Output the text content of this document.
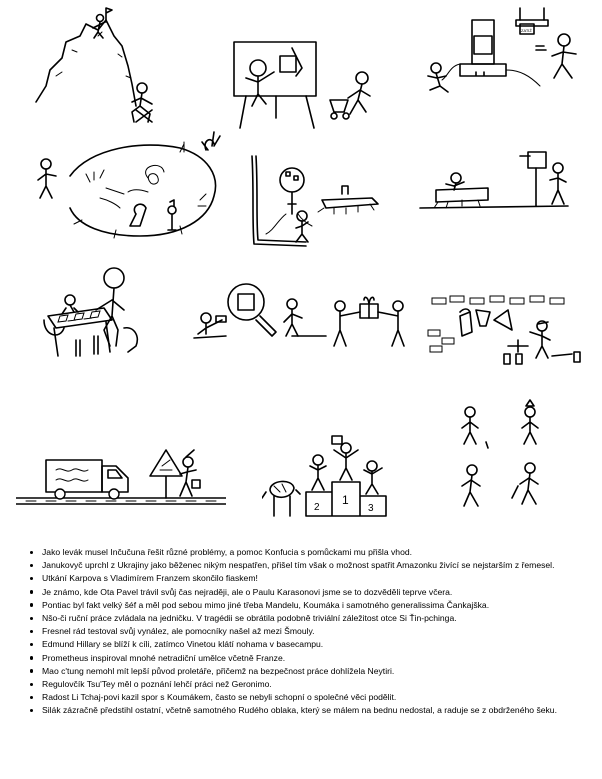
ZATIŽ
1
2	3
Jako levák musel Inčučuna řešit různé problémy, a pomoc Konfucia s pomůckami mu přišla vhod.
Janukovyč uprchl z Ukrajiny jako běženec nikým nespatřen, přišel tím však o možnost spatřit Amazonku živící se nejstarším z řemesel.
Utkání Karpova s Vladimírem Franzem skončilo fiaskem!
Je známo, kde Ota Pavel trávil svůj čas nejraději, ale o Paulu Karasonovi jsme se to dozvěděli teprve včera.
Pontiac byl fakt velký šéf a měl pod sebou mimo jiné třeba Mandelu, Koumáka i samotného generalissima Čankajška.
Nšo-či ruční práce zvládala na jedničku. V tragédii se obrátila podobně triviální záležitost otce Si Ťin-pchinga.
Fresnel rád testoval svůj vynález, ale pomocníky našel až mezi Šmouly.
Edmund Hillary se blíží k cíli, zatímco Vinetou klátí nohama v basecampu.
Prometheus inspiroval mnohé netradiční umělce včetně Franze.
Mao c'tung nemohl mít lepší původ proletáře, přičemž na bezpečnost práce dohlížela Neytiri.
Regulovčík Tsu'Tey měl o poznání lehčí práci než Geronimo.
Radost Li Tchaj-povi kazil spor s Koumákem, často se nebyli schopní o společné věci podělit.
Silák zázračně předstihl ostatní, včetně samotného Rudého oblaka, který se málem na bednu nedostal, a raduje se z obdrženého šeku.
